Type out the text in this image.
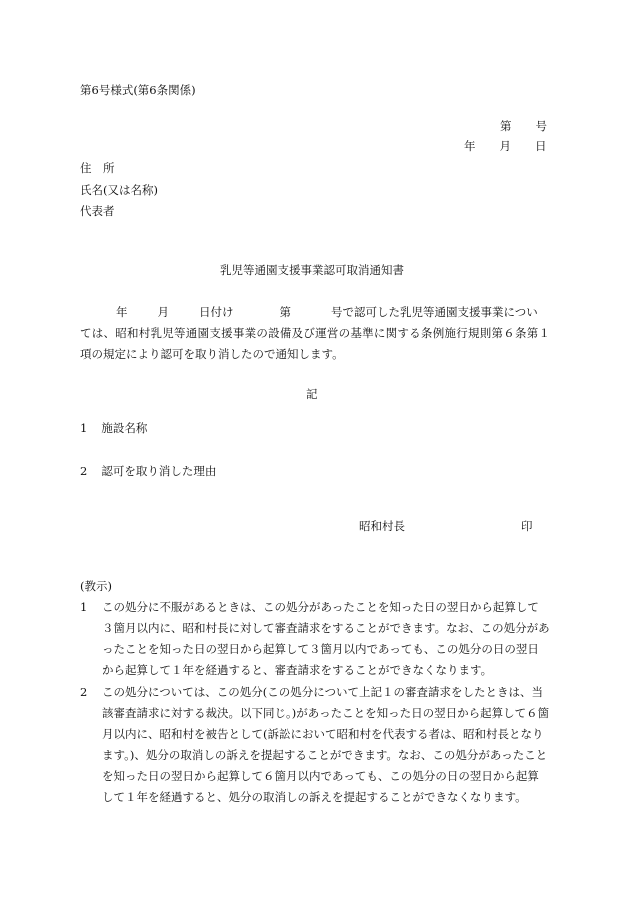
第6号様式(第6条関係)
第 号
年 月 日
住　所
氏名(又は名称)
代表者
乳児等通園支援事業認可取消通知書
年	月	日付け	第	号で認可した乳児等通園支援事業につい
ては、昭和村乳児等通園支援事業の設備及び運営の基準に関する条例施行規則第６条第１項の規定により認可を取り消したので通知します。
記
1 施設名称
2 認可を取り消した理由
昭和村長	印
(教示)
1	この処分に不服があるときは、この処分があったことを知った日の翌日から起算して３箇月以内に、昭和村長に対して審査請求をすることができます。なお、この処分があったことを知った日の翌日から起算して３箇月以内であっても、この処分の日の翌日から起算して１年を経過すると、審査請求をすることができなくなります。
2	この処分については、この処分(この処分について上記１の審査請求をしたときは、当該審査請求に対する裁決。以下同じ。)があったことを知った日の翌日から起算して６箇月以内に、昭和村を被告として(訴訟において昭和村を代表する者は、昭和村長となります。)、処分の取消しの訴えを提起することができます。なお、この処分があったことを知った日の翌日から起算して６箇月以内であっても、この処分の日の翌日から起算して１年を経過すると、処分の取消しの訴えを提起することができなくなります。
